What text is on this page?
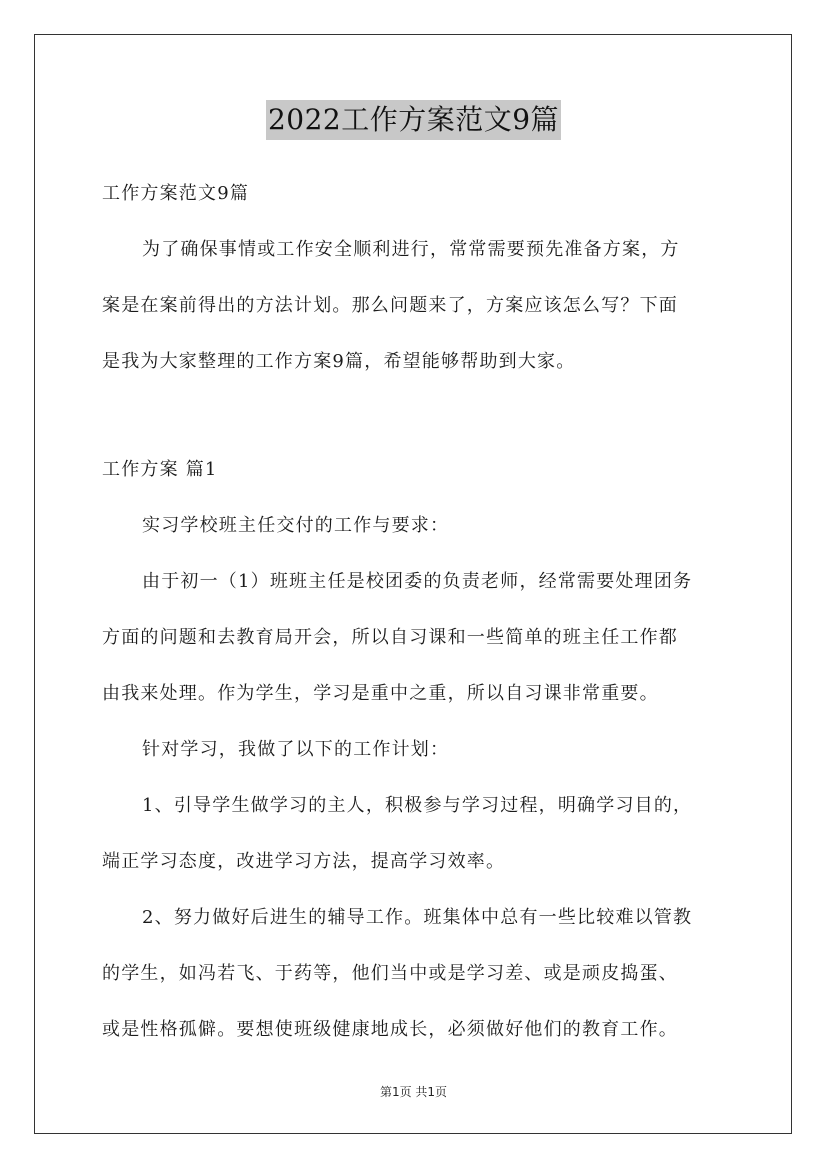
2022工作方案范文9篇
工作方案范文9篇
为了确保事情或工作安全顺利进行，常常需要预先准备方案，方
案是在案前得出的方法计划。那么问题来了，方案应该怎么写？下面
是我为大家整理的工作方案9篇，希望能够帮助到大家。
工作方案 篇1
实习学校班主任交付的工作与要求：
由于初一（1）班班主任是校团委的负责老师，经常需要处理团务
方面的问题和去教育局开会，所以自习课和一些简单的班主任工作都
由我来处理。作为学生，学习是重中之重，所以自习课非常重要。
针对学习，我做了以下的工作计划：
1、引导学生做学习的主人，积极参与学习过程，明确学习目的，
端正学习态度，改进学习方法，提高学习效率。
2、努力做好后进生的辅导工作。班集体中总有一些比较难以管教
的学生，如冯若飞、于药等，他们当中或是学习差、或是顽皮捣蛋、
或是性格孤僻。要想使班级健康地成长，必须做好他们的教育工作。
第1页 共1页
